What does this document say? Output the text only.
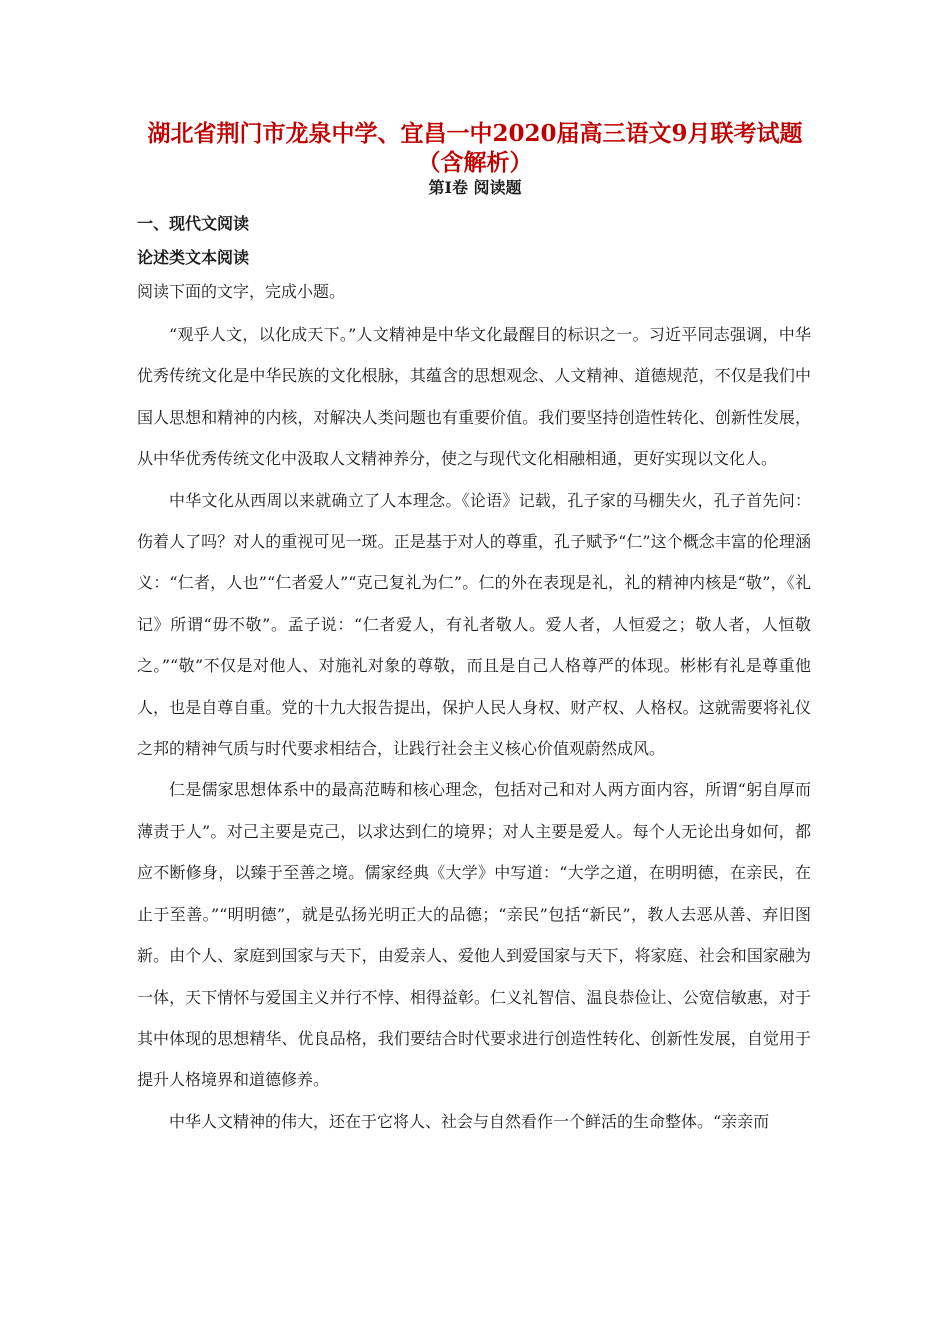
湖北省荆门市龙泉中学、宜昌一中2020届高三语文9月联考试题（含解析）
第Ⅰ卷 阅读题
一、现代文阅读
论述类文本阅读
阅读下面的文字，完成小题。

“观乎人文，以化成天下。”人文精神是中华文化最醒目的标识之一。习近平同志强调，中华优秀传统文化是中华民族的文化根脉，其蕴含的思想观念、人文精神、道德规范，不仅是我们中国人思想和精神的内核，对解决人类问题也有重要价值。我们要坚持创造性转化、创新性发展，从中华优秀传统文化中汲取人文精神养分，使之与现代文化相融相通，更好实现以文化人。

中华文化从西周以来就确立了人本理念。《论语》记载，孔子家的马棚失火，孔子首先问：伤着人了吗？对人的重视可见一斑。正是基于对人的尊重，孔子赋予“仁”这个概念丰富的伦理涵义：“仁者，人也”“仁者爱人”“克己复礼为仁”。仁的外在表现是礼，礼的精神内核是“敬”，《礼记》所谓“毋不敬”。孟子说：“仁者爱人，有礼者敬人。爱人者，人恒爱之；敬人者，人恒敬之。”“敬”不仅是对他人、对施礼对象的尊敬，而且是自己人格尊严的体现。彬彬有礼是尊重他人，也是自尊自重。党的十九大报告提出，保护人民人身权、财产权、人格权。这就需要将礼仪之邦的精神气质与时代要求相结合，让践行社会主义核心价值观蔚然成风。

仁是儒家思想体系中的最高范畴和核心理念，包括对己和对人两方面内容，所谓“躬自厚而薄责于人”。对己主要是克己，以求达到仁的境界；对人主要是爱人。每个人无论出身如何，都应不断修身，以臻于至善之境。儒家经典《大学》中写道：“大学之道，在明明德，在亲民，在止于至善。”“明明德”，就是弘扬光明正大的品德；“亲民”包括“新民”，教人去恶从善、弃旧图新。由个人、家庭到国家与天下，由爱亲人、爱他人到爱国家与天下，将家庭、社会和国家融为一体，天下情怀与爱国主义并行不悖、相得益彰。仁义礼智信、温良恭俭让、公宽信敏惠，对于其中体现的思想精华、优良品格，我们要结合时代要求进行创造性转化、创新性发展，自觉用于提升人格境界和道德修养。

中华人文精神的伟大，还在于它将人、社会与自然看作一个鲜活的生命整体。“亲亲而
